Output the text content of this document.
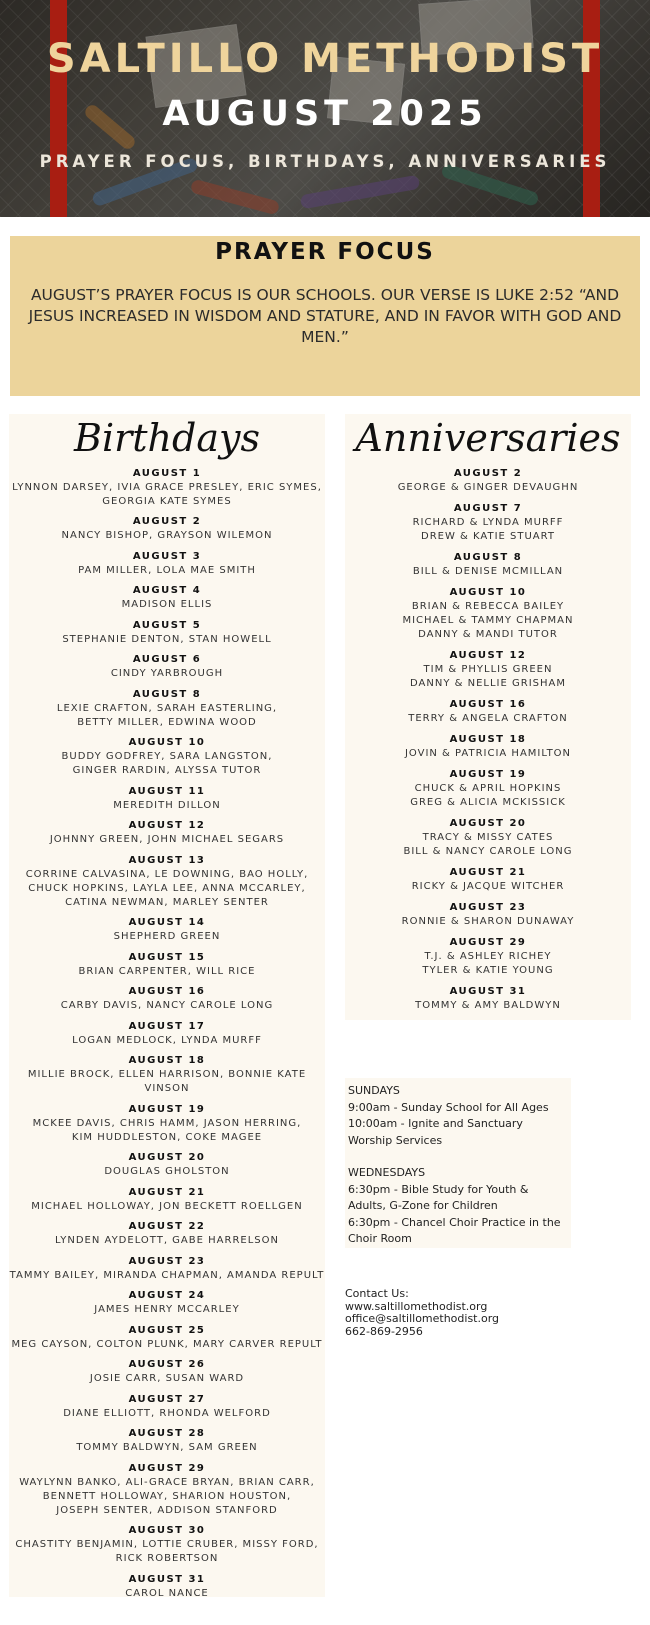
SALTILLO METHODIST
AUGUST 2025
PRAYER FOCUS, BIRTHDAYS, ANNIVERSARIES
PRAYER FOCUS

AUGUST’S PRAYER FOCUS IS OUR SCHOOLS. OUR VERSE IS LUKE 2:52 “AND JESUS INCREASED IN WISDOM AND STATURE, AND IN FAVOR WITH GOD AND MEN.”

Birthdays
AUGUST 1
LYNNON DARSEY, IVIA GRACE PRESLEY, ERIC SYMES,
GEORGIA KATE SYMES
AUGUST 2
NANCY BISHOP, GRAYSON WILEMON
AUGUST 3
PAM MILLER, LOLA MAE SMITH
AUGUST 4
MADISON ELLIS
AUGUST 5
STEPHANIE DENTON, STAN HOWELL
AUGUST 6
CINDY YARBROUGH
AUGUST 8
LEXIE CRAFTON, SARAH EASTERLING,
BETTY MILLER, EDWINA WOOD
AUGUST 10
BUDDY GODFREY, SARA LANGSTON,
GINGER RARDIN, ALYSSA TUTOR
AUGUST 11
MEREDITH DILLON
AUGUST 12
JOHNNY GREEN, JOHN MICHAEL SEGARS
AUGUST 13
CORRINE CALVASINA, LE DOWNING, BAO HOLLY,
CHUCK HOPKINS, LAYLA LEE, ANNA MCCARLEY,
CATINA NEWMAN, MARLEY SENTER
AUGUST 14
SHEPHERD GREEN
AUGUST 15
BRIAN CARPENTER, WILL RICE
AUGUST 16
CARBY DAVIS, NANCY CAROLE LONG
AUGUST 17
LOGAN MEDLOCK, LYNDA MURFF
AUGUST 18
MILLIE BROCK, ELLEN HARRISON, BONNIE KATE VINSON
AUGUST 19
MCKEE DAVIS, CHRIS HAMM, JASON HERRING,
KIM HUDDLESTON, COKE MAGEE
AUGUST 20
DOUGLAS GHOLSTON
AUGUST 21
MICHAEL HOLLOWAY, JON BECKETT ROELLGEN
AUGUST 22
LYNDEN AYDELOTT, GABE HARRELSON
AUGUST 23
TAMMY BAILEY, MIRANDA CHAPMAN, AMANDA REPULT
AUGUST 24
JAMES HENRY MCCARLEY
AUGUST 25
MEG CAYSON, COLTON PLUNK, MARY CARVER REPULT
AUGUST 26
JOSIE CARR, SUSAN WARD
AUGUST 27
DIANE ELLIOTT, RHONDA WELFORD
AUGUST 28
TOMMY BALDWYN, SAM GREEN
AUGUST 29
WAYLYNN BANKO, ALI-GRACE BRYAN, BRIAN CARR,
BENNETT HOLLOWAY, SHARION HOUSTON,
JOSEPH SENTER, ADDISON STANFORD
AUGUST 30
CHASTITY BENJAMIN, LOTTIE CRUBER, MISSY FORD,
RICK ROBERTSON
AUGUST 31
CAROL NANCE
Anniversaries
AUGUST 2
GEORGE & GINGER DEVAUGHN
AUGUST 7
RICHARD & LYNDA MURFF
DREW & KATIE STUART
AUGUST 8
BILL & DENISE MCMILLAN
AUGUST 10
BRIAN & REBECCA BAILEY
MICHAEL & TAMMY CHAPMAN
DANNY & MANDI TUTOR
AUGUST 12
TIM & PHYLLIS GREEN
DANNY & NELLIE GRISHAM
AUGUST 16
TERRY & ANGELA CRAFTON
AUGUST 18
JOVIN & PATRICIA HAMILTON
AUGUST 19
CHUCK & APRIL HOPKINS
GREG & ALICIA MCKISSICK
AUGUST 20
TRACY & MISSY CATES
BILL & NANCY CAROLE LONG
AUGUST 21
RICKY & JACQUE WITCHER
AUGUST 23
RONNIE & SHARON DUNAWAY
AUGUST 29
T.J. & ASHLEY RICHEY
TYLER & KATIE YOUNG
AUGUST 31
TOMMY & AMY BALDWYN
SUNDAYS
9:00am - Sunday School for All Ages
10:00am - Ignite and Sanctuary Worship Services
WEDNESDAYS
6:30pm - Bible Study for Youth & Adults, G-Zone for Children
6:30pm - Chancel Choir Practice in the Choir Room
Contact Us:
www.saltillomethodist.org
office@saltillomethodist.org
662-869-2956
